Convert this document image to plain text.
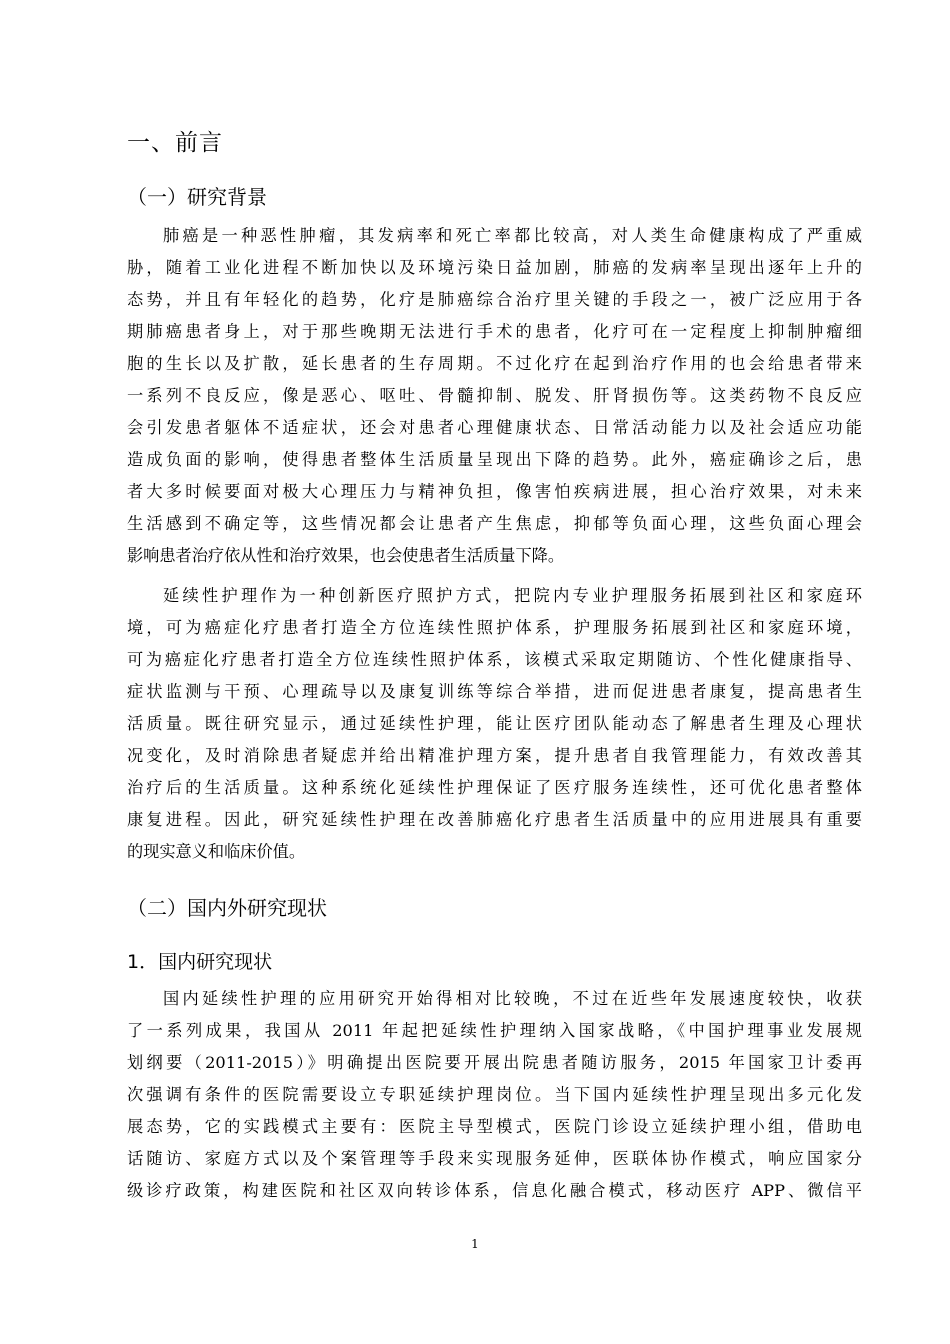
一、前言
（一）研究背景
肺癌是一种恶性肿瘤，其发病率和死亡率都比较高，对人类生命健康构成了严重威
胁，随着工业化进程不断加快以及环境污染日益加剧，肺癌的发病率呈现出逐年上升的
态势，并且有年轻化的趋势，化疗是肺癌综合治疗里关键的手段之一，被广泛应用于各
期肺癌患者身上，对于那些晚期无法进行手术的患者，化疗可在一定程度上抑制肿瘤细
胞的生长以及扩散，延长患者的生存周期。不过化疗在起到治疗作用的也会给患者带来
一系列不良反应，像是恶心、呕吐、骨髓抑制、脱发、肝肾损伤等。这类药物不良反应
会引发患者躯体不适症状，还会对患者心理健康状态、日常活动能力以及社会适应功能
造成负面的影响，使得患者整体生活质量呈现出下降的趋势。此外，癌症确诊之后，患
者大多时候要面对极大心理压力与精神负担，像害怕疾病进展，担心治疗效果，对未来
生活感到不确定等，这些情况都会让患者产生焦虑，抑郁等负面心理，这些负面心理会
影响患者治疗依从性和治疗效果，也会使患者生活质量下降。
延续性护理作为一种创新医疗照护方式，把院内专业护理服务拓展到社区和家庭环
境，可为癌症化疗患者打造全方位连续性照护体系，护理服务拓展到社区和家庭环境，
可为癌症化疗患者打造全方位连续性照护体系，该模式采取定期随访、个性化健康指导、
症状监测与干预、心理疏导以及康复训练等综合举措，进而促进患者康复，提高患者生
活质量。既往研究显示，通过延续性护理，能让医疗团队能动态了解患者生理及心理状
况变化，及时消除患者疑虑并给出精准护理方案，提升患者自我管理能力，有效改善其
治疗后的生活质量。这种系统化延续性护理保证了医疗服务连续性，还可优化患者整体
康复进程。因此，研究延续性护理在改善肺癌化疗患者生活质量中的应用进展具有重要
的现实意义和临床价值。
（二）国内外研究现状
1．国内研究现状
国内延续性护理的应用研究开始得相对比较晚，不过在近些年发展速度较快，收获
了一系列成果，我国从 2011 年起把延续性护理纳入国家战略，《中国护理事业发展规
划纲要（2011-2015）》明确提出医院要开展出院患者随访服务，2015 年国家卫计委再
次强调有条件的医院需要设立专职延续护理岗位。当下国内延续性护理呈现出多元化发
展态势，它的实践模式主要有：医院主导型模式，医院门诊设立延续护理小组，借助电
话随访、家庭方式以及个案管理等手段来实现服务延伸，医联体协作模式，响应国家分
级诊疗政策，构建医院和社区双向转诊体系，信息化融合模式，移动医疗 APP、微信平
1
